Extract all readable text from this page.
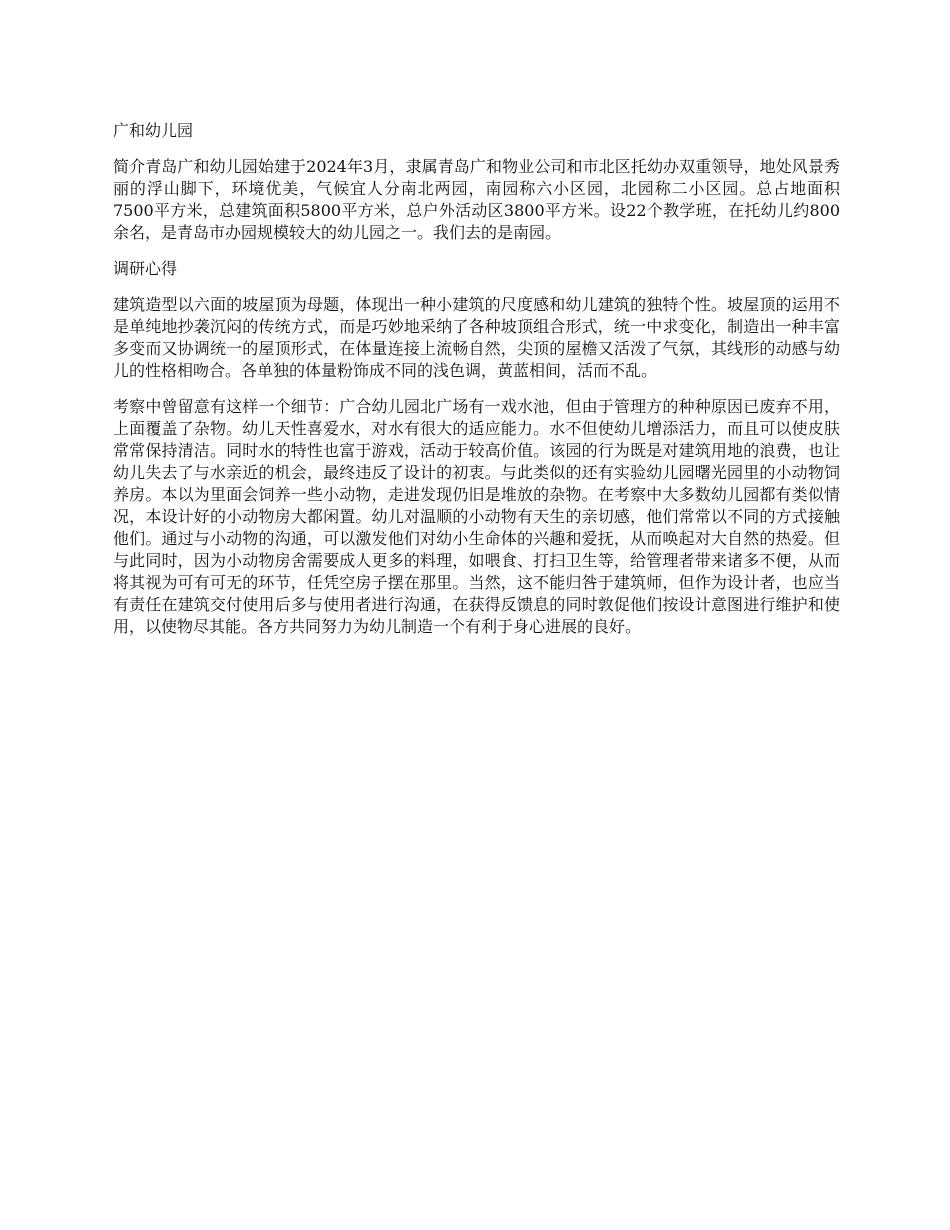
广和幼儿园

简介青岛广和幼儿园始建于2024年3月，隶属青岛广和物业公司和市北区托幼办双重领导，地处风景秀丽的浮山脚下，环境优美，气候宜人分南北两园，南园称六小区园，北园称二小区园。总占地面积7500平方米，总建筑面积5800平方米，总户外活动区3800平方米。设22个教学班，在托幼儿约800余名，是青岛市办园规模较大的幼儿园之一。我们去的是南园。

调研心得

建筑造型以六面的坡屋顶为母题，体现出一种小建筑的尺度感和幼儿建筑的独特个性。坡屋顶的运用不是单纯地抄袭沉闷的传统方式，而是巧妙地采纳了各种坡顶组合形式，统一中求变化，制造出一种丰富多变而又协调统一的屋顶形式，在体量连接上流畅自然，尖顶的屋檐又活泼了气氛，其线形的动感与幼儿的性格相吻合。各单独的体量粉饰成不同的浅色调，黄蓝相间，活而不乱。

考察中曾留意有这样一个细节：广合幼儿园北广场有一戏水池，但由于管理方的种种原因已废弃不用，上面覆盖了杂物。幼儿天性喜爱水，对水有很大的适应能力。水不但使幼儿增添活力，而且可以使皮肤常常保持清洁。同时水的特性也富于游戏，活动于较高价值。该园的行为既是对建筑用地的浪费，也让幼儿失去了与水亲近的机会，最终违反了设计的初衷。与此类似的还有实验幼儿园曙光园里的小动物饲养房。本以为里面会饲养一些小动物，走进发现仍旧是堆放的杂物。在考察中大多数幼儿园都有类似情况，本设计好的小动物房大都闲置。幼儿对温顺的小动物有天生的亲切感，他们常常以不同的方式接触他们。通过与小动物的沟通，可以激发他们对幼小生命体的兴趣和爱抚，从而唤起对大自然的热爱。但与此同时，因为小动物房舍需要成人更多的料理，如喂食、打扫卫生等，给管理者带来诸多不便，从而将其视为可有可无的环节，任凭空房子摆在那里。当然，这不能归咎于建筑师，但作为设计者，也应当有责任在建筑交付使用后多与使用者进行沟通，在获得反馈息的同时敦促他们按设计意图进行维护和使用，以使物尽其能。各方共同努力为幼儿制造一个有利于身心进展的良好。
